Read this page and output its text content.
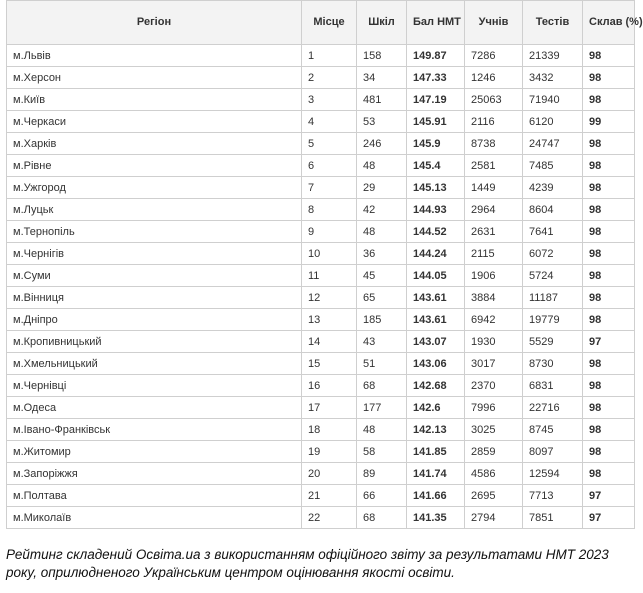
Регіон	Місце	Шкіл	Бал НМТ	Учнів	Тестів	Склав (%)
м.Львів	1	158	149.87	7286	21339	98
м.Херсон	2	34	147.33	1246	3432	98
м.Київ	3	481	147.19	25063	71940	98
м.Черкаси	4	53	145.91	2116	6120	99
м.Харків	5	246	145.9	8738	24747	98
м.Рівне	6	48	145.4	2581	7485	98
м.Ужгород	7	29	145.13	1449	4239	98
м.Луцьк	8	42	144.93	2964	8604	98
м.Тернопіль	9	48	144.52	2631	7641	98
м.Чернігів	10	36	144.24	2115	6072	98
м.Суми	11	45	144.05	1906	5724	98
м.Вінниця	12	65	143.61	3884	11187	98
м.Дніпро	13	185	143.61	6942	19779	98
м.Кропивницький	14	43	143.07	1930	5529	97
м.Хмельницький	15	51	143.06	3017	8730	98
м.Чернівці	16	68	142.68	2370	6831	98
м.Одеса	17	177	142.6	7996	22716	98
м.Івано-Франківськ	18	48	142.13	3025	8745	98
м.Житомир	19	58	141.85	2859	8097	98
м.Запоріжжя	20	89	141.74	4586	12594	98
м.Полтава	21	66	141.66	2695	7713	97
м.Миколаїв	22	68	141.35	2794	7851	97
Рейтинг складений Освіта.ua з використанням офіційного звіту за результатами НМТ 2023
року, оприлюдненого Українським центром оцінювання якості освіти.
